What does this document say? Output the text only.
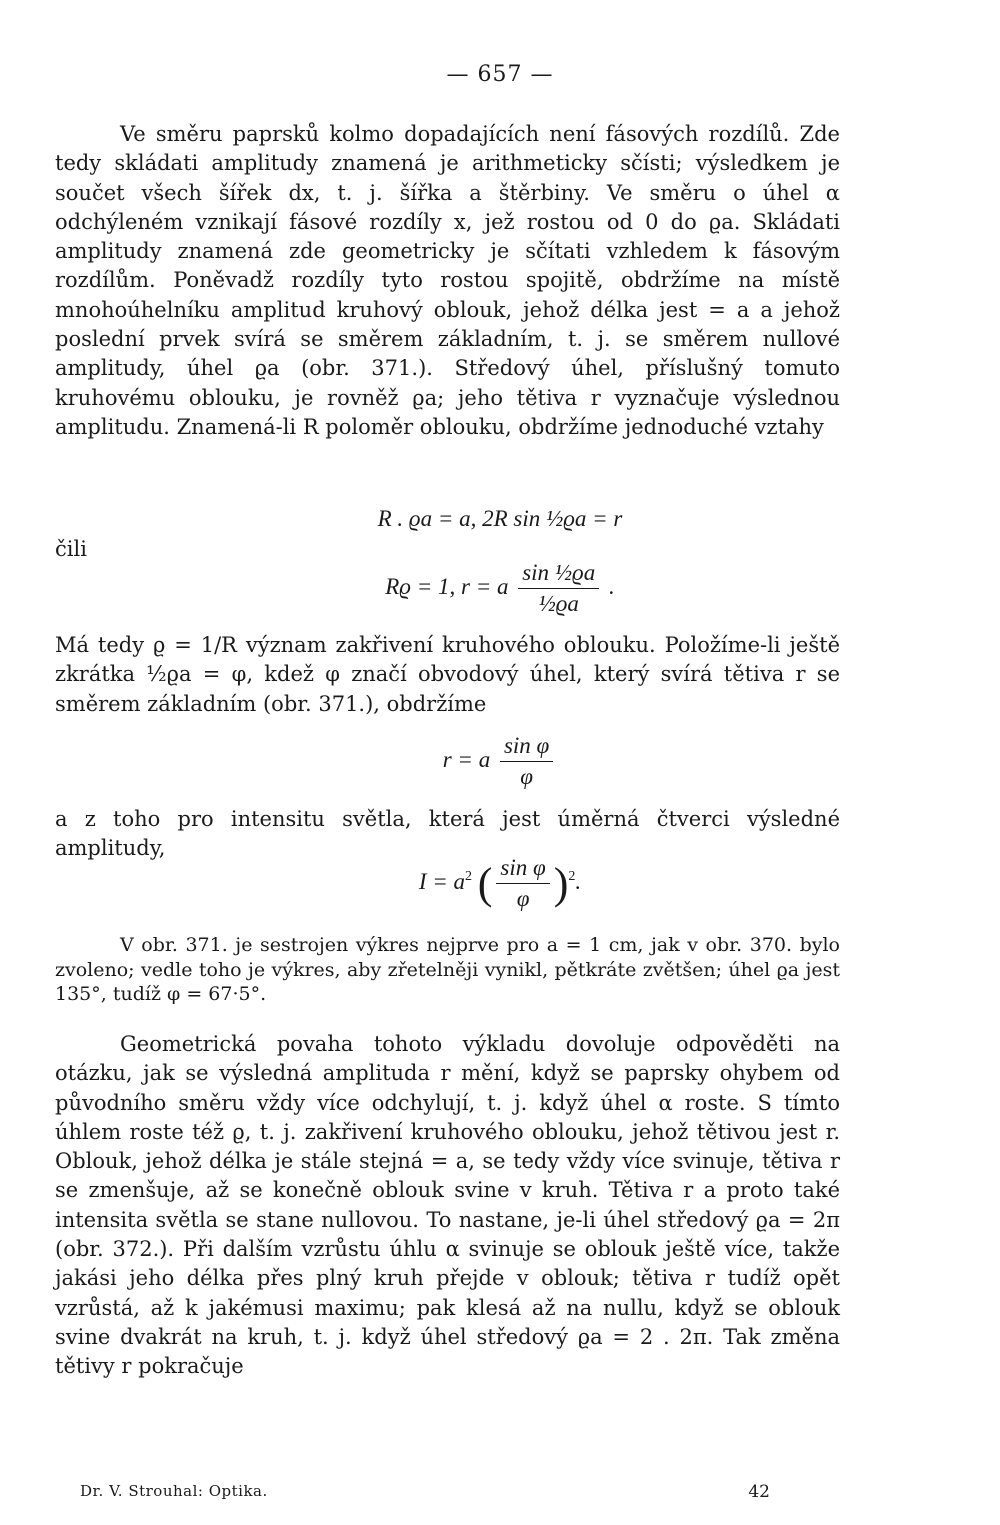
— 657 —
Ve směru paprsků kolmo dopadajících není fásových rozdílů. Zde tedy skládati amplitudy znamená je arithmeticky sčísti; výsledkem je součet všech šířek dx, t. j. šířka a štěrbiny. Ve směru o úhel α odchýleném vznikají fásové rozdíly x, jež rostou od 0 do ϱa. Skládati amplitudy znamená zde geometricky je sčítati vzhledem k fásovým rozdílům. Poněvadž rozdíly tyto rostou spojitě, obdržíme na místě mnohoúhelníku amplitud kruhový oblouk, jehož délka jest = a a jehož poslední prvek svírá se směrem základním, t. j. se směrem nullové amplitudy, úhel ϱa (obr. 371.). Středový úhel, příslušný tomuto kruhovému oblouku, je rovněž ϱa; jeho tětiva r vyznačuje výslednou amplitudu. Znamená-li R poloměr oblouku, obdržíme jednoduché vztahy
R . ϱa = a, 2R sin ½ϱa = r
čili
Rϱ = 1, r = a $\frac{\text{sin ½ϱa}}{\text{½ϱa}}$ .
Má tedy ϱ = 1/R význam zakřivení kruhového oblouku. Položíme-li ještě zkrátka ½ϱa = φ, kdež φ značí obvodový úhel, který svírá tětiva r se směrem základním (obr. 371.), obdržíme
r = a $\frac{\text{sin φ}}{\varphi}$
a z toho pro intensitu světla, která jest úměrná čtverci výsledné amplitudy,
$I = a^2$ ( $\frac{\text{sin φ}}{\varphi} )^2$.
V obr. 371. je sestrojen výkres nejprve pro a = 1 cm, jak v obr. 370. bylo zvoleno; vedle toho je výkres, aby zřetelněji vynikl, pětkráte zvětšen; úhel ϱa jest 135°, tudíž φ = 67·5°.
Geometrická povaha tohoto výkladu dovoluje odpověděti na otázku, jak se výsledná amplituda r mění, když se paprsky ohybem od původního směru vždy více odchylují, t. j. když úhel α roste. S tímto úhlem roste též ϱ, t. j. zakřivení kruhového oblouku, jehož tětivou jest r. Oblouk, jehož délka je stále stejná = a, se tedy vždy více svinuje, tětiva r se zmenšuje, až se konečně oblouk svine v kruh. Tětiva r a proto také intensita světla se stane nullovou. To nastane, je-li úhel středový ϱa = 2π (obr. 372.). Při dalším vzrůstu úhlu α svinuje se oblouk ještě více, takže jakási jeho délka přes plný kruh přejde v oblouk; tětiva r tudíž opět vzrůstá, až k jakémusi maximu; pak klesá až na nullu, když se oblouk svine dvakrát na kruh, t. j. když úhel středový ϱa = 2 . 2π. Tak změna tětivy r pokračuje
Dr. V. Strouhal: Optika.	42
